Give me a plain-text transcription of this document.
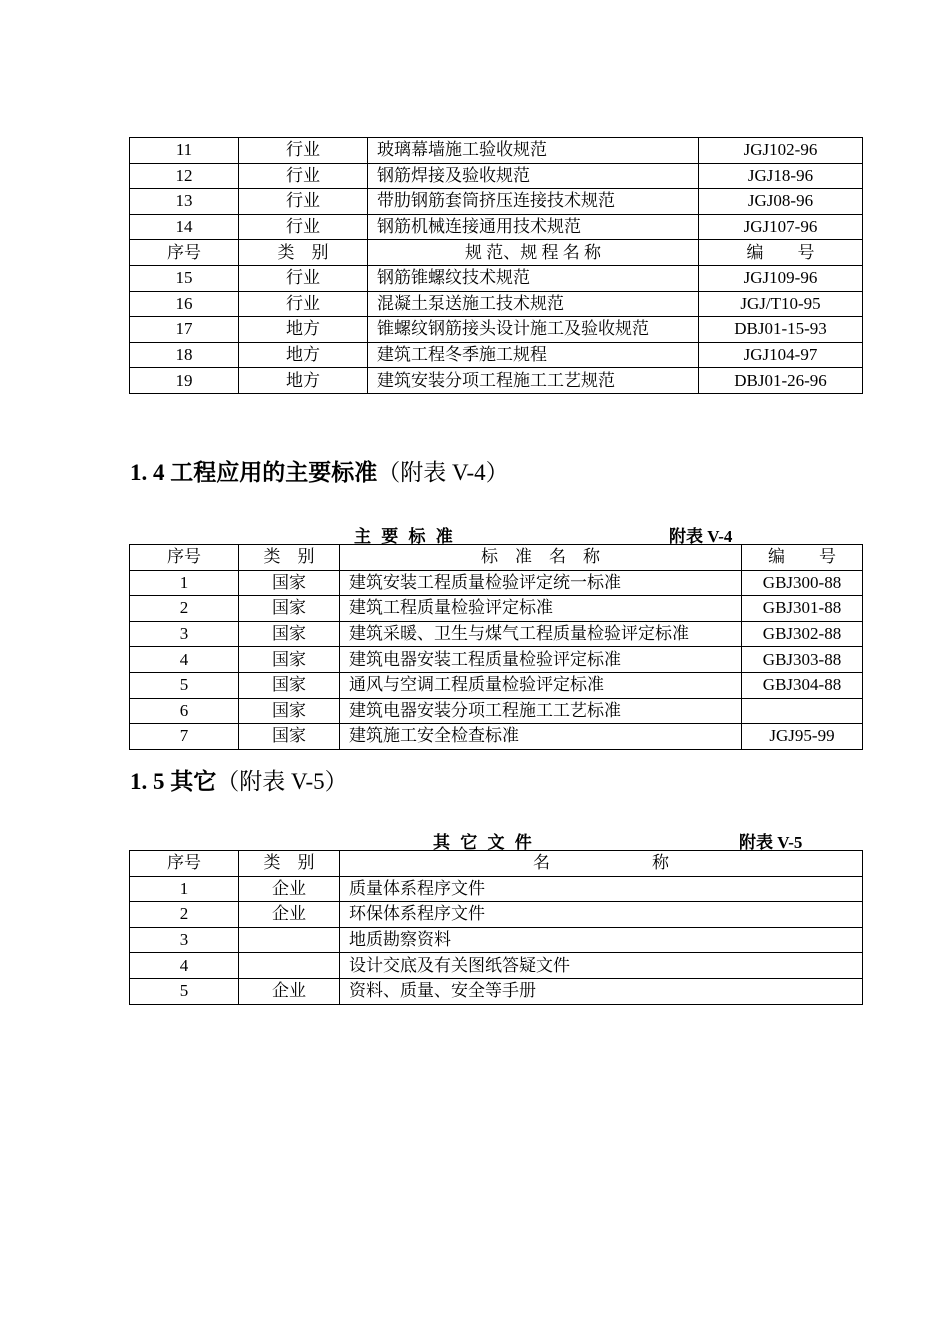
11	行业	玻璃幕墙施工验收规范	JGJ102-96
12	行业	钢筋焊接及验收规范	JGJ18-96
13	行业	带肋钢筋套筒挤压连接技术规范	JGJ08-96
14	行业	钢筋机械连接通用技术规范	JGJ107-96
序号	类　别	规 范、规 程 名 称	编　　号
15	行业	钢筋锥螺纹技术规范	JGJ109-96
16	行业	混凝土泵送施工技术规范	JGJ/T10-95
17	地方	锥螺纹钢筋接头设计施工及验收规范	DBJ01-15-93
18	地方	建筑工程冬季施工规程	JGJ104-97
19	地方	建筑安装分项工程施工工艺规范	DBJ01-26-96
1. 4 工程应用的主要标准（附表 V-4）
主 要 标 准	附表 V-4
序号	类　别	标　准　名　称	编　　号
1	国家	建筑安装工程质量检验评定统一标准	GBJ300-88
2	国家	建筑工程质量检验评定标准	GBJ301-88
3	国家	建筑采暖、卫生与煤气工程质量检验评定标准	GBJ302-88
4	国家	建筑电器安装工程质量检验评定标准	GBJ303-88
5	国家	通风与空调工程质量检验评定标准	GBJ304-88
6	国家	建筑电器安装分项工程施工工艺标准	
7	国家	建筑施工安全检查标准	JGJ95-99
1. 5 其它（附表 V-5）
其 它 文 件	附表 V-5
序号	类　别	名　　　　　　称
1	企业	质量体系程序文件
2	企业	环保体系程序文件
3		地质勘察资料
4		设计交底及有关图纸答疑文件
5	企业	资料、质量、安全等手册
